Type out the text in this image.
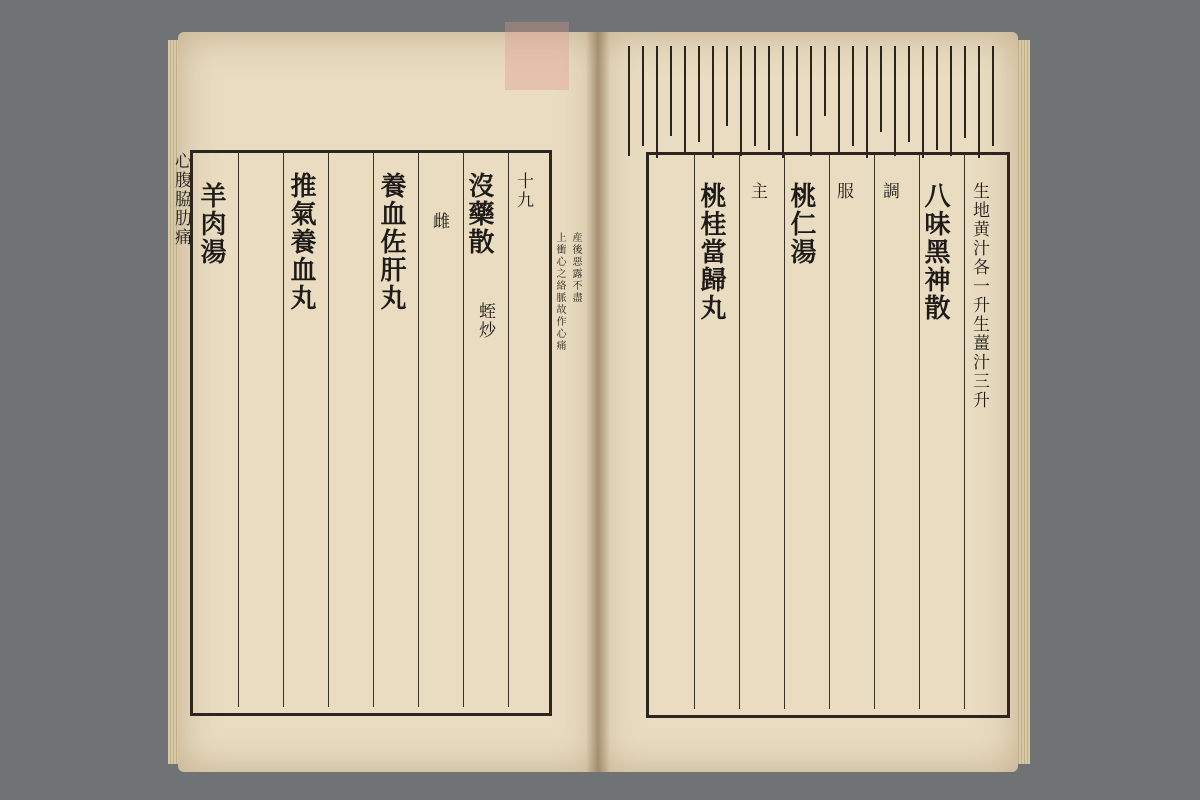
心腹脇肋痛	十九
沒藥散
雌
蛭炒
養血佐肝丸
推氣養血丸
羊肉湯
産後惡露不盡
上衝心之絡脈故作心痛	八味黑神散
桃仁湯
桃桂當歸丸	生地黄汁各一升生薑汁三升
服 調
主
